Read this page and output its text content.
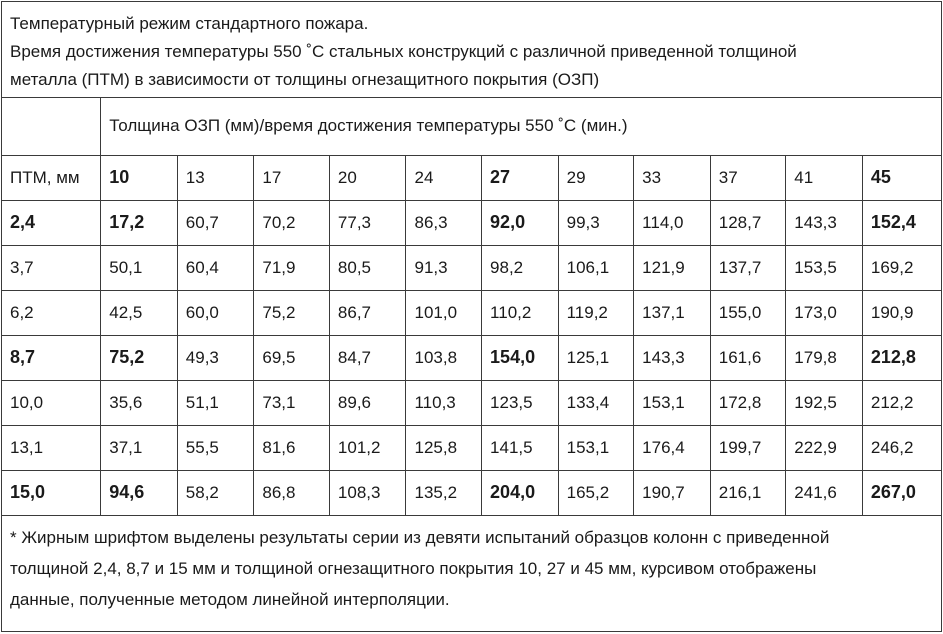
Температурный режим стандартного пожара.
Время достижения температуры 550 ˚С стальных конструкций с различной приведенной толщиной
металла (ПТМ) в зависимости от толщины огнезащитного покрытия (ОЗП)
	Толщина ОЗП (мм)/время достижения температуры 550 ˚С (мин.)										
ПТМ, мм	10	13	17	20	24	27	29	33	37	41	45
2,4	17,2	60,7	70,2	77,3	86,3	92,0	99,3	114,0	128,7	143,3	152,4
3,7	50,1	60,4	71,9	80,5	91,3	98,2	106,1	121,9	137,7	153,5	169,2
6,2	42,5	60,0	75,2	86,7	101,0	110,2	119,2	137,1	155,0	173,0	190,9
8,7	75,2	49,3	69,5	84,7	103,8	154,0	125,1	143,3	161,6	179,8	212,8
10,0	35,6	51,1	73,1	89,6	110,3	123,5	133,4	153,1	172,8	192,5	212,2
13,1	37,1	55,5	81,6	101,2	125,8	141,5	153,1	176,4	199,7	222,9	246,2
15,0	94,6	58,2	86,8	108,3	135,2	204,0	165,2	190,7	216,1	241,6	267,0
* Жирным шрифтом выделены результаты серии из девяти испытаний образцов колонн с приведенной
толщиной 2,4, 8,7 и 15 мм и толщиной огнезащитного покрытия 10, 27 и 45 мм, курсивом отображены
данные, полученные методом линейной интерполяции.
